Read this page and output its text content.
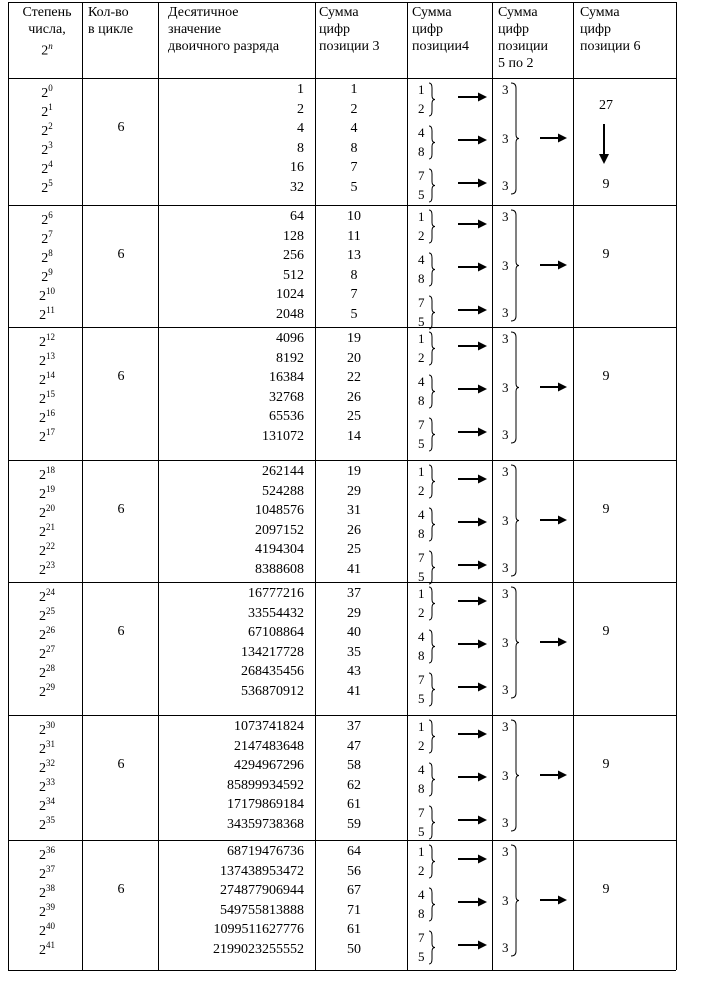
Степень
числа,
2$^n$
Кол-во
в цикле
Десятичное
значение
двоичного разряда
Сумма
цифр
позиции 3
Сумма
цифр
позиции4
Сумма
цифр
позиции
5 по 2
Сумма
цифр
позиции 6
$2^0$
$2^1$
$2^2$
$2^3$
$2^4$
$2^5$
6
1
2
4
8
16
32
1
2
4
8
7
5
1
2
3
4
8
3
7
5
3
27
9
$2^6$
$2^7$
$2^8$
$2^9$
$2^{10}$
$2^{11}$
6
64
128
256
512
1024
2048
10
11
13
8
7
5
1
2
3
4
8
3
7
5
3
9
$2^{12}$
$2^{13}$
$2^{14}$
$2^{15}$
$2^{16}$
$2^{17}$
6
4096
8192
16384
32768
65536
131072
19
20
22
26
25
14
1
2
3
4
8
3
7
5
3
9
$2^{18}$
$2^{19}$
$2^{20}$
$2^{21}$
$2^{22}$
$2^{23}$
6
262144
524288
1048576
2097152
4194304
8388608
19
29
31
26
25
41
1
2
3
4
8
3
7
5
3
9
$2^{24}$
$2^{25}$
$2^{26}$
$2^{27}$
$2^{28}$
$2^{29}$
6
16777216
33554432
67108864
134217728
268435456
536870912
37
29
40
35
43
41
1
2
3
4
8
3
7
5
3
9
$2^{30}$
$2^{31}$
$2^{32}$
$2^{33}$
$2^{34}$
$2^{35}$
6
1073741824
2147483648
4294967296
85899934592
17179869184
34359738368
37
47
58
62
61
59
1
2
3
4
8
3
7
5
3
9
$2^{36}$
$2^{37}$
$2^{38}$
$2^{39}$
$2^{40}$
$2^{41}$
6
68719476736
137438953472
274877906944
549755813888
1099511627776
2199023255552
64
56
67
71
61
50
1
2
3
4
8
3
7
5
3
9
